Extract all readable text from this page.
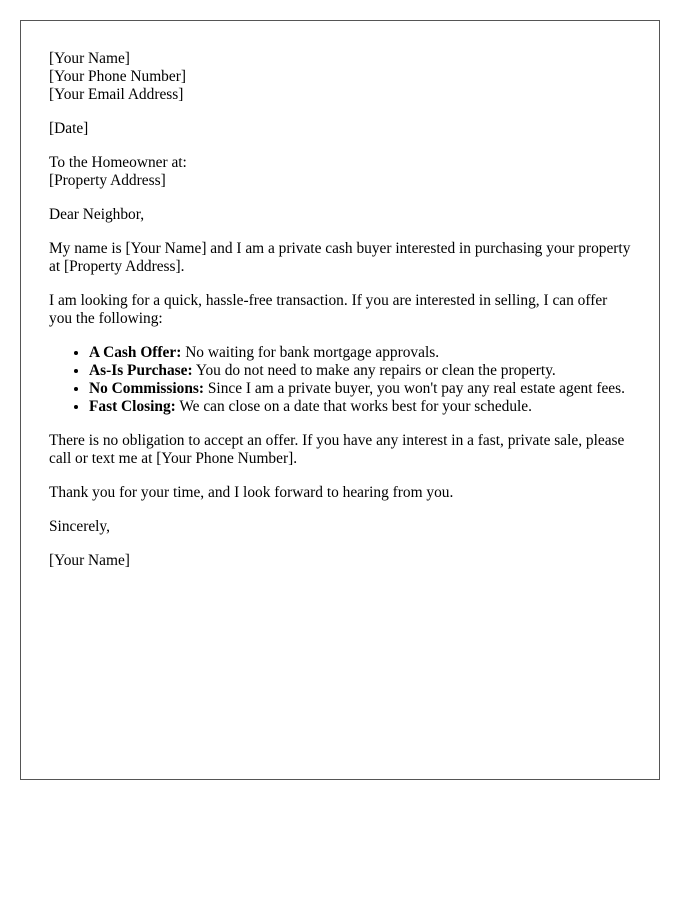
[Your Name]
[Your Phone Number]
[Your Email Address]
[Date]
To the Homeowner at:
[Property Address]

Dear Neighbor,

My name is [Your Name] and I am a private cash buyer interested in purchasing your property at [Property Address].

I am looking for a quick, hassle-free transaction. If you are interested in selling, I can offer you the following:

• A Cash Offer: No waiting for bank mortgage approvals.
• As-Is Purchase: You do not need to make any repairs or clean the property.
• No Commissions: Since I am a private buyer, you won't pay any real estate agent fees.
• Fast Closing: We can close on a date that works best for your schedule.

There is no obligation to accept an offer. If you have any interest in a fast, private sale, please call or text me at [Your Phone Number].

Thank you for your time, and I look forward to hearing from you.

Sincerely,

[Your Name]
